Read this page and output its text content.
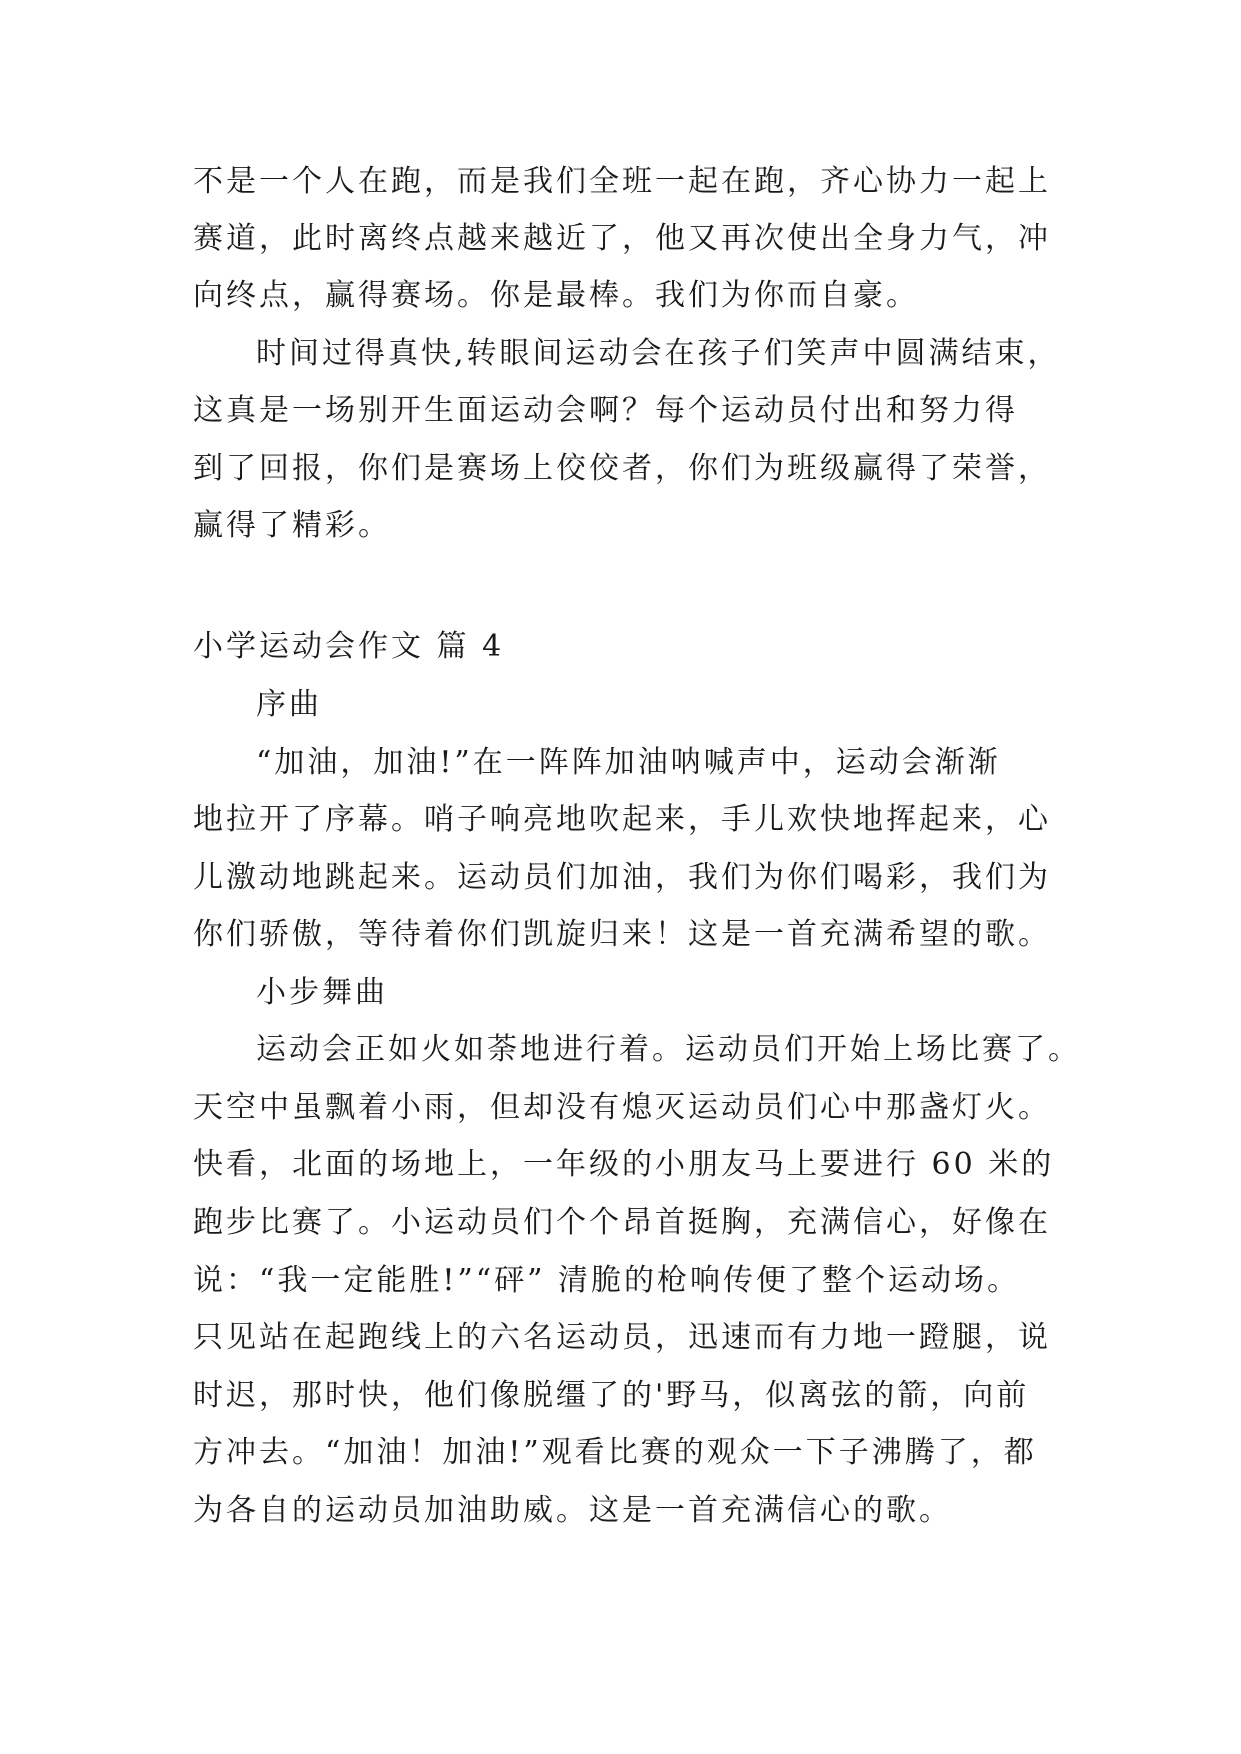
不是一个人在跑，而是我们全班一起在跑，齐心协力一起上
赛道，此时离终点越来越近了，他又再次使出全身力气，冲
向终点，赢得赛场。你是最棒。我们为你而自豪。
时间过得真快,转眼间运动会在孩子们笑声中圆满结束，
这真是一场别开生面运动会啊？每个运动员付出和努力得
到了回报，你们是赛场上佼佼者，你们为班级赢得了荣誉，
赢得了精彩。
小学运动会作文 篇 4
序曲
“加油，加油!”在一阵阵加油呐喊声中，运动会渐渐
地拉开了序幕。哨子响亮地吹起来，手儿欢快地挥起来，心
儿激动地跳起来。运动员们加油，我们为你们喝彩，我们为
你们骄傲，等待着你们凯旋归来！这是一首充满希望的歌。
小步舞曲
运动会正如火如荼地进行着。运动员们开始上场比赛了。
天空中虽飘着小雨，但却没有熄灭运动员们心中那盏灯火。
快看，北面的场地上，一年级的小朋友马上要进行 60 米的
跑步比赛了。小运动员们个个昂首挺胸，充满信心，好像在
说：“我一定能胜!”“砰” 清脆的枪响传便了整个运动场。
只见站在起跑线上的六名运动员，迅速而有力地一蹬腿，说
时迟，那时快，他们像脱缰了的'野马，似离弦的箭，向前
方冲去。“加油！加油!”观看比赛的观众一下子沸腾了，都
为各自的运动员加油助威。这是一首充满信心的歌。
